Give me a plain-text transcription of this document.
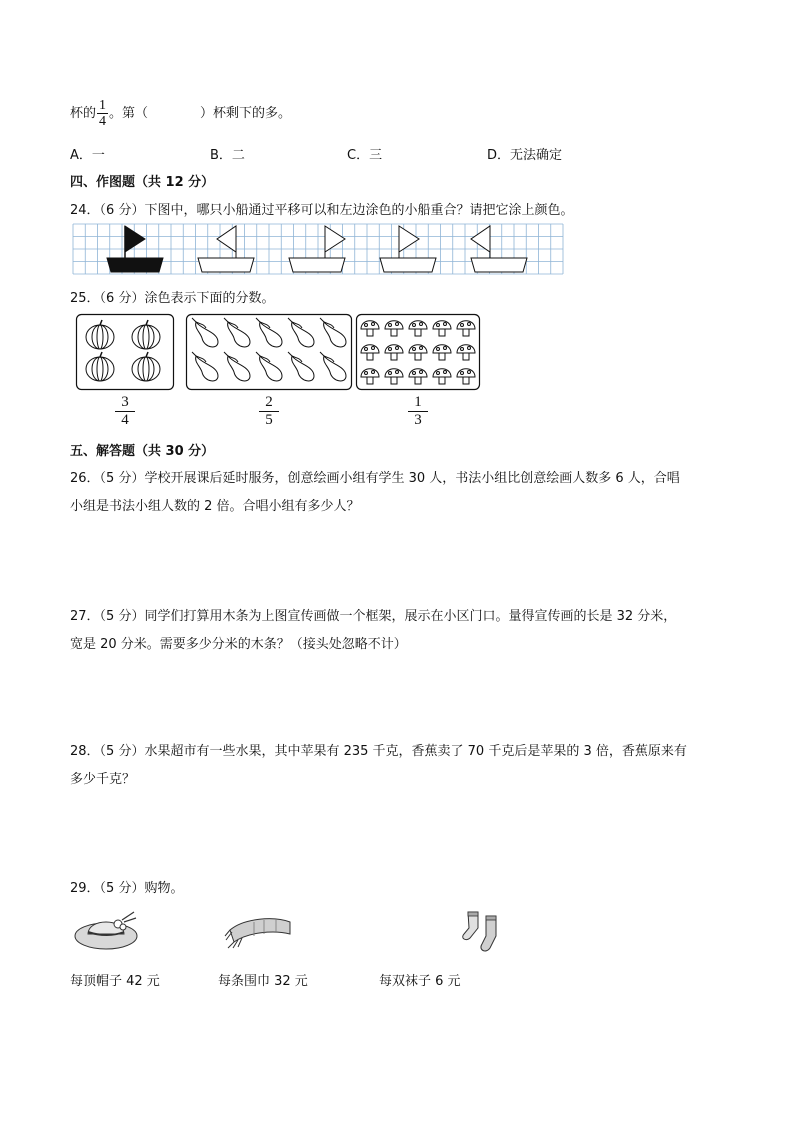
杯的 $\frac{1}{4}$ 。第（　　　　）杯剩下的多。
A．一	B．二	C．三	D．无法确定
四、作图题（共 12 分）
24．（6 分）下图中，哪只小船通过平移可以和左边涂色的小船重合？请把它涂上颜色。
25．（6 分）涂色表示下面的分数。
$\frac{3}{4}$	$\frac{2}{5}$	$\frac{1}{3}$
五、解答题（共 30 分）
26．（5 分）学校开展课后延时服务，创意绘画小组有学生 30 人，书法小组比创意绘画人数多 6 人，合唱
小组是书法小组人数的 2 倍。合唱小组有多少人？
27．（5 分）同学们打算用木条为上图宣传画做一个框架，展示在小区门口。量得宣传画的长是 32 分米，
宽是 20 分米。需要多少分米的木条？（接头处忽略不计）
28．（5 分）水果超市有一些水果，其中苹果有 235 千克，香蕉卖了 70 千克后是苹果的 3 倍，香蕉原来有
多少千克？
29．（5 分）购物。
每顶帽子 42 元	每条围巾 32 元	每双袜子 6 元
